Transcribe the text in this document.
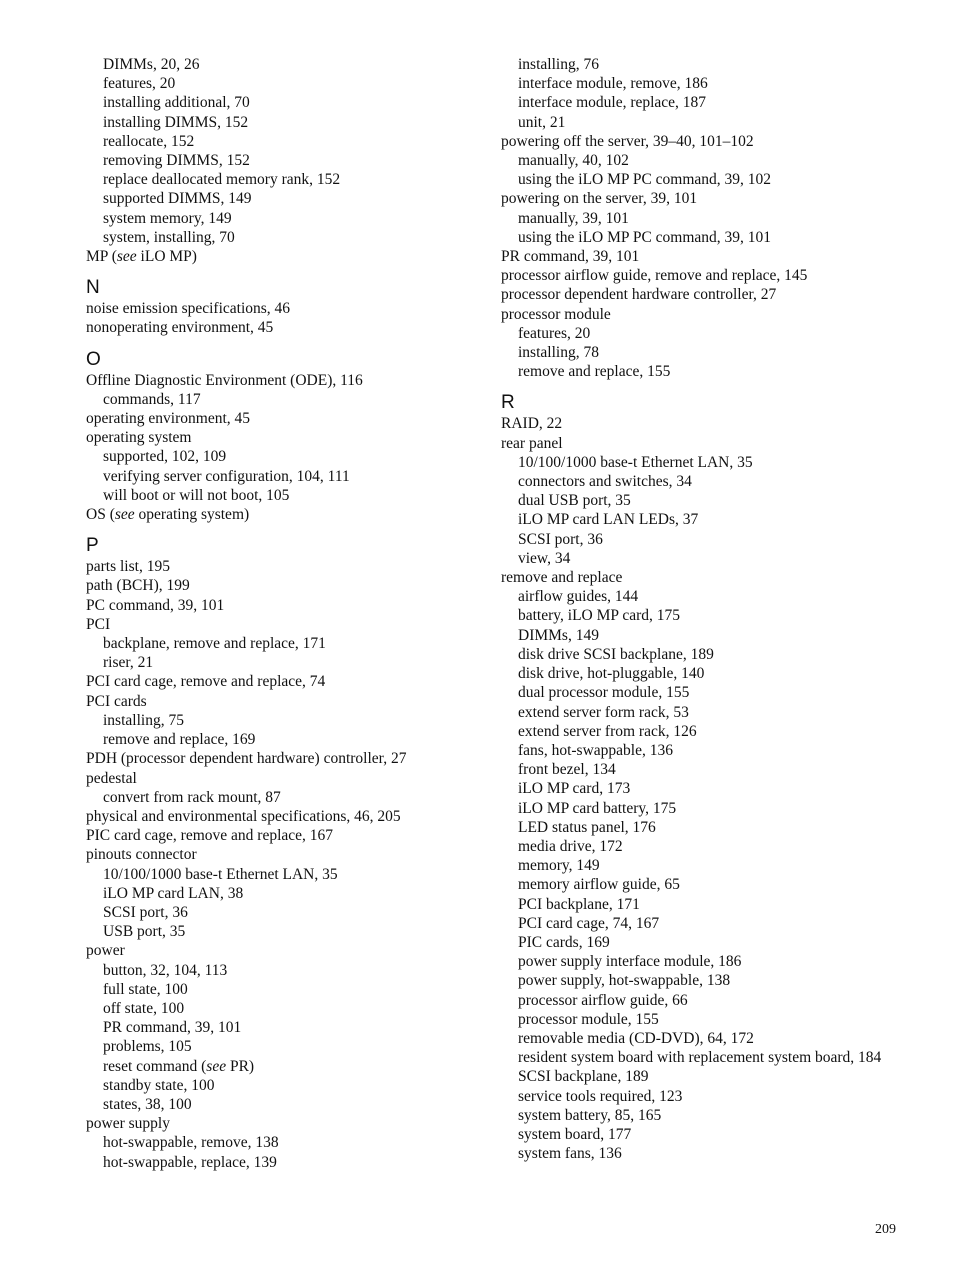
DIMMs, 20, 26
features, 20
installing additional, 70
installing DIMMS, 152
reallocate, 152
removing DIMMS, 152
replace deallocated memory rank, 152
supported DIMMS, 149
system memory, 149
system, installing, 70
MP (see iLO MP)
N
noise emission specifications, 46
nonoperating environment, 45
O
Offline Diagnostic Environment (ODE), 116
commands, 117
operating environment, 45
operating system
supported, 102, 109
verifying server configuration, 104, 111
will boot or will not boot, 105
OS (see operating system)
P
parts list, 195
path (BCH), 199
PC command, 39, 101
PCI
backplane, remove and replace, 171
riser, 21
PCI card cage, remove and replace, 74
PCI cards
installing, 75
remove and replace, 169
PDH (processor dependent hardware) controller, 27
pedestal
convert from rack mount, 87
physical and environmental specifications, 46, 205
PIC card cage, remove and replace, 167
pinouts connector
10/100/1000 base-t Ethernet LAN, 35
iLO MP card LAN, 38
SCSI port, 36
USB port, 35
power
button, 32, 104, 113
full state, 100
off state, 100
PR command, 39, 101
problems, 105
reset command (see PR)
standby state, 100
states, 38, 100
power supply
hot-swappable, remove, 138
hot-swappable, replace, 139
installing, 76
interface module, remove, 186
interface module, replace, 187
unit, 21
powering off the server, 39–40, 101–102
manually, 40, 102
using the iLO MP PC command, 39, 102
powering on the server, 39, 101
manually, 39, 101
using the iLO MP PC command, 39, 101
PR command, 39, 101
processor airflow guide, remove and replace, 145
processor dependent hardware controller, 27
processor module
features, 20
installing, 78
remove and replace, 155
R
RAID, 22
rear panel
10/100/1000 base-t Ethernet LAN, 35
connectors and switches, 34
dual USB port, 35
iLO MP card LAN LEDs, 37
SCSI port, 36
view, 34
remove and replace
airflow guides, 144
battery, iLO MP card, 175
DIMMs, 149
disk drive SCSI backplane, 189
disk drive, hot-pluggable, 140
dual processor module, 155
extend server form rack, 53
extend server from rack, 126
fans, hot-swappable, 136
front bezel, 134
iLO MP card, 173
iLO MP card battery, 175
LED status panel, 176
media drive, 172
memory, 149
memory airflow guide, 65
PCI backplane, 171
PCI card cage, 74, 167
PIC cards, 169
power supply interface module, 186
power supply, hot-swappable, 138
processor airflow guide, 66
processor module, 155
removable media (CD-DVD), 64, 172
resident system board with replacement system board, 184
SCSI backplane, 189
service tools required, 123
system battery, 85, 165
system board, 177
system fans, 136
209
